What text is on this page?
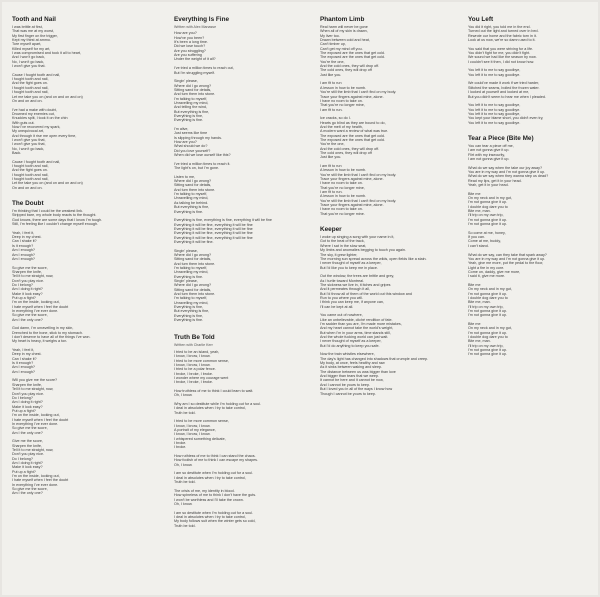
Tooth and Nail
I was brittle at first,
That was me at my worst,
My first finger on the trigger,
Kept my thirst at ammo.
Tore myself apart,
Killed myself for my art,
I was compromised and took it all to heart,
And I won't go back,
No, I won't go back,
I won't give you that.
Cause I fought tooth and nail,
I fought tooth and nail,
And the fight goes on.
I fought tooth and nail,
I fought tooth and nail,
Let me take you on (and on and on and on)
On and on and on.
I've had a make with doubt,
Drowned my enemies out,
Knuckles split, I took it on the chin
With guts out.
Now I've recovered my spark,
My unequivocal art,
And through it rise me open every time,
I won't give you that,
I won't give you that,
No, I won't go back,
Back.
Cause I fought tooth and nail,
I fought tooth and nail,
And the fight goes on.
I fought tooth and nail,
I fought tooth and nail,
Let the take you on (and on and on and on)
On and on and on.
The Doubt
I'm thinking that I could be the weakest link.
Stripped bare, my whole body reacts to the thought.
God knows, there are some days that I know I'm tough.
Still, I'm feeling like I couldn't change myself enough.
Yeah, I feel it,
Deep in my chest.
Can I shake it?
Is it enough?
Am I enough?
Am I enough?
Am I enough?
So give me the score,
Sharpen the knife,
Tell it to me straight, now,
Don't you play nice.
Do I belong?
Am I doing it right?
Make it look easy?
Put up a fight?
I'm on the inside, looking out,
I hate myself when I feel the doubt
In everything I've ever done.
So give me the score,
Am I the only one?
God damn, I'm unravelling in my skin,
Drenched to the bone, stick to my stomach.
I don't deserve to have all of the things I've won.
My heart is heavy, it weighs a ton.
Yeah, I feel it,
Deep in my chest.
Can I shake it?
Is it enough?
Am I enough?
Am I enough?
Will you give me the score?
Sharpen the knife,
Tell it to me straight, now,
Don't you play nice.
Do I belong?
Am I doing it right?
Make it look easy?
Put up a fight?
I'm on the inside, looking out,
I hate myself when I feel the doubt
In everything I've ever done.
So give me the score,
Am I the only one?
Give me the score,
Sharpen the knife,
Tell it to me straight, now,
Don't you play nice.
Do I belong?
Am I doing it right?
Make it look easy?
Put up a fight?
I'm on the inside, looking out,
I hate myself when I feel the doubt
In everything I've ever done.
So give me the score,
Am I the only one?
Everything Is Fine
Written with Alex Manasse
How are you?
How've you been?
It's been a long time.
Did we lose touch?
Are you struggling?
Are you suffering
Under the weight of it all?
I've tried a million times to reach out,
But I'm struggling myself.
Singin' please,
Where did I go wrong?
Sitting sand for details,
And turn them into stone.
I'm talking to myself,
Unravelling my mind,
And telling the wind,
But everything is fine,
Everything is fine,
Everything is fine.
I'm alive,
Just seems like time
Is slipping through my hands.
How are you?
What should we do?
Did you love yourself?
When did we lose ourself like this?
I've tried a million times to reach it.
The light's on, but I'm gone.
Listen to me,
Where did I go wrong?
Sitting sand for details,
And turn them into stone.
I'm talking to myself,
Unravelling my mind,
As talking be behind.
But everything is fine,
Everything is fine.
Everything is fine, everything is fine, everything it will be fine
Everything it will be fine, everything it will be fine
Everything it will be fine, everything it will be fine
Everything it will be fine, everything it will be fine
Everything it will be fine, everything it will be fine
Everything it will be fine.
Singin' please,
Where did I go wrong?
Sitting sand for details,
And turn them into stone.
I'm talking to myself,
Unravelling my mind,
Everything is fine.
Singin' please,
Where did I go wrong?
Sitting sand for details,
And turn them into stone.
I'm talking to myself,
Unravelling my mind,
Everything is fine,
But everything is fine,
Everything is fine,
Everything is fine.
Truth Be Told
Written with Charlie Kerr
I tried to be an island, yeah,
I know, I know, I know.
I tried to be more common sense,
I know, I know, I know.
I tried to be a polar fence.
I broke, I broke, I broke.
I wonder where my courage went
I broke, I broke, I broke.
How truthless of me to think I could learn to wait.
Oh, I know.
Why am I so destitute while I'm holding out for a soul.
I deal in absolutes when I try to take control,
Truth be told.
I tried to be more common sense,
I know, I know, I know.
A portrait of my elegance,
I know, I know, I know.
I whispered something delicate,
I broke.
I broke.
How ruthless of me to think I can stand the chaos.
How foolish of me to think I can escape my shapes.
Oh, I know.
I am so destitute when I'm holding out for a soul.
I deal in absolutes when I try to take control,
Truth be told.
The crisis of me, my identity in blood.
How spineless of me to think I don't have the guts.
I won't be worthless and I'll take the crown.
Oh, I know.
I am so destitute when I'm holding out for a soul.
I deal in absolutes when I try to take control,
My body follows suit when the winter gets so cold,
Truth be told.
Phantom Limb
Real harm will never be gone
When all of my skin is drawn,
My liver too.
Drawn between cold and heat,
Can't timber up,
Can't get my mind off you.
The exposed are the ones that get cold.
The exposed are the ones that get cold.
You're the one,
And the cold ones, they will drop off.
The cold ones, they will drop off
Just like you.
I am fit to run
A lesson in how to be numb.
You're still the limb that I can't find on my body.
Trace your fingers against mine, alone.
I have no room to take on.
That you're no longer mine,
I am fit to run.
Ice cracks, so do I.
Hearts go blind as they are bound to do,
And the melt of my health,
A modern want a review of what was true.
The exposed are the ones that get cold.
The exposed are the ones that get cold.
You're the one,
And the cold ones, they will drop off.
The cold ones, they will drop off
Just like you.
I am fit to run
A lesson in how to be numb.
You're still the limb that I can't find on my body.
Trace your fingers against mine, alone.
I have no room to take on.
That you're no longer mine,
I am fit to run.
A lesson in how to be numb.
You're still the limb that I can't find on my body.
Trace your fingers against mine, alone.
I have no room to take on.
That you're no longer mine.
Keeper
I woke up singing a song with your name in it,
Got to the beat of the track,
Where I sat in the slow seat,
My limbs and anomalies begging to touch you again.
The sky, it grew lighter,
The morning sun spread across the wilds, open fields like a stain.
I never thought of myself as a keeper,
But I'd like you to keep me in place.
Out the window, the trees are brittle and grey,
As I turtle toward Montreal.
The sickness we live in, it itches and gripes
And it permeates through it all,
But I'd throw all of them of the world out this window and
Run to you where you will.
I think you can keep me, if anyone can,
I'll can be kept at all.
You came out of nowhere,
Like an unbelievable, cliché rendition of fate.
I'm sadder than you are, I'm made more mistakes,
And my heart cannot take the world's weight,
But when I'm in your arms, time stands still,
And the whole fucking world can just wait.
I never thought of myself as a keeper,
But I'd do anything to keep you safe.
Now the train whistles elsewhere,
The day's light has changed into shadows that crumple and creep.
My body, at once, feels healthy and raw
As it sinks between waking and sleep.
The distance between us was bigger than love
And bigger than tears that we weep.
It cannot be here and it cannot be now,
And I cannot be yours to keep.
But I loved you in all of the ways I know how
Though I cannot be yours to keep.
You Left
You did it right, you told me in the end.
Turned out the light and turned over in bed.
Rewrote our home and the fabric torn in it.
Look at us now, we're so damn used to it.
You said that you were striving for a life.
You didn't fight for me, you didn't fight.
We sound we had like the season by now.
I couldn't see it then, I did not know how.
You left it to me to say goodbye,
You left it to me to say goodbye.
We could've made it work if we tried harder,
Stitched the seams, boiled the frozen water.
I looked at yourself and looked at me,
But you didn't seem to hear me when I pleaded.
You left it to me to say goodbye,
You left it to me to say goodbye.
You left it to me to say goodbye,
You kept your blame short, you didn't even try,
You left it to me to say goodbye.
Tear a Piece (Bite Me)
You can tear a piece off me,
I am not gonna give it up.
Flirt with my insecurity,
I am not gonna give it up.
What do we say when the take our joy away?
You are in my way and I'm not gonna give it up.
What do we say when they wanna step us dead?
Read my lips, get it in your head.
Yeah, get it in your head.
Bite me
On my neck and in my gut,
I'm not gonna give it up.
I double dog dare you to
Bite me, man.
I'll trip on my own trip,
I'm not gonna give it up.
I'm not gonna give it up.
So come at me, honey,
If you can.
Come at me, buddy,
I can't stand.
What do we say, can they take that spark away?
You are in my way and I'm not gonna give it up.
Yeah, give me more, put the pedal to the floor,
Light a fire in my core.
Come on, daddy, give me more,
I said it, give me more.
Bite me
On my neck and in my gut,
I'm not gonna give it up.
I double dog dare you to
Bite me, man.
I'll trip on my own trip,
I'm not gonna give it up.
I'm not gonna give it up.
Bite me
On my neck and in my gut,
I'm not gonna give it up.
I double dog dare you to
Bite me, man.
I'll trip on my own trip,
I'm not gonna give it up.
I'm not gonna give it up.
